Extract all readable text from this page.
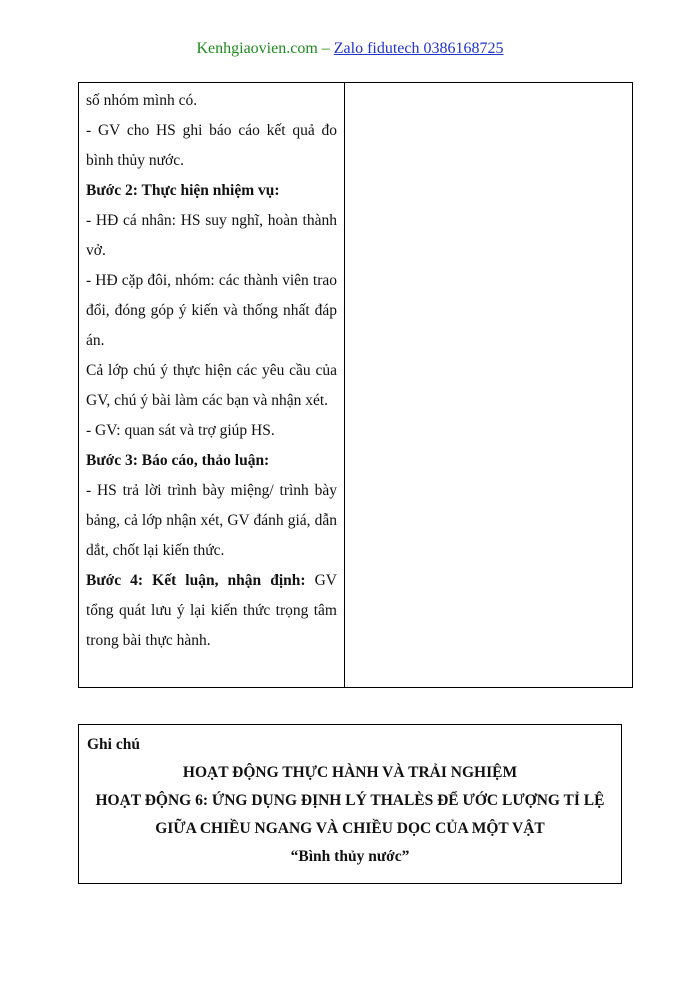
Kenhgiaovien.com – Zalo fidutech 0386168725

số nhóm mình có.

- GV cho HS ghi báo cáo kết quả đo bình thủy nước.

Bước 2: Thực hiện nhiệm vụ:

- HĐ cá nhân: HS suy nghĩ, hoàn thành vở.

- HĐ cặp đôi, nhóm: các thành viên trao đổi, đóng góp ý kiến và thống nhất đáp án.

Cả lớp chú ý thực hiện các yêu cầu của GV, chú ý bài làm các bạn và nhận xét.

- GV: quan sát và trợ giúp HS.

Bước 3: Báo cáo, thảo luận:

- HS trả lời trình bày miệng/ trình bày bảng, cả lớp nhận xét, GV đánh giá, dẫn dắt, chốt lại kiến thức.

Bước 4: Kết luận, nhận định: GV tổng quát lưu ý lại kiến thức trọng tâm trong bài thực hành.

Ghi chú
HOẠT ĐỘNG THỰC HÀNH VÀ TRẢI NGHIỆM
HOẠT ĐỘNG 6: ỨNG DỤNG ĐỊNH LÝ THALÈS ĐỂ ƯỚC LƯỢNG TỈ LỆ GIỮA CHIỀU NGANG VÀ CHIỀU DỌC CỦA MỘT VẬT
“Bình thủy nước”
